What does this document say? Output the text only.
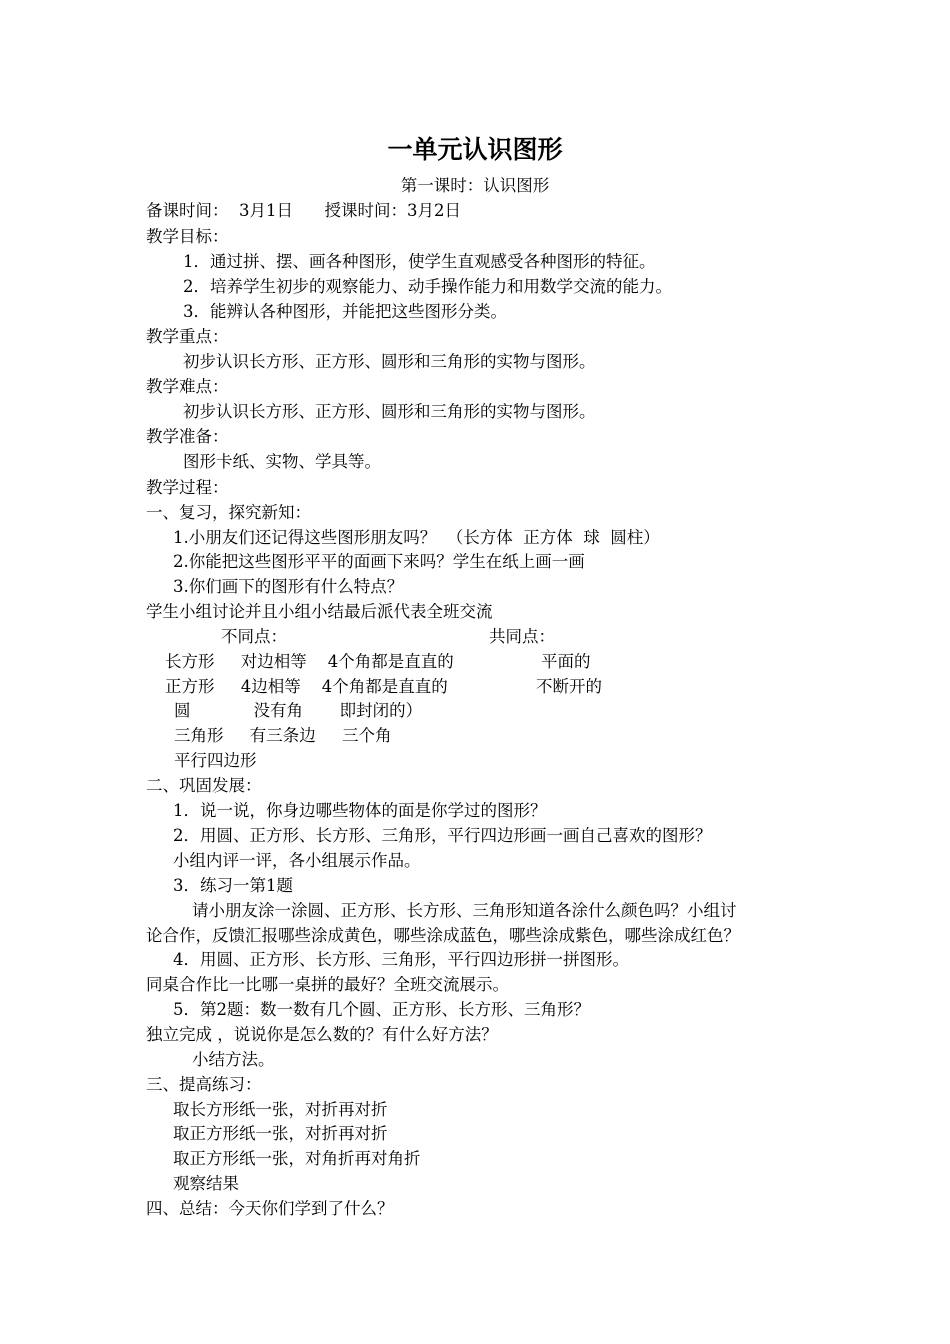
一单元认识图形
第一课时：认识图形

备课时间：  3月1日      授课时间：3月2日

教学目标：

1．通过拼、摆、画各种图形，使学生直观感受各种图形的特征。

2．培养学生初步的观察能力、动手操作能力和用数学交流的能力。

3．能辨认各种图形，并能把这些图形分类。

教学重点：

初步认识长方形、正方形、圆形和三角形的实物与图形。

教学难点：

初步认识长方形、正方形、圆形和三角形的实物与图形。

教学准备：

图形卡纸、实物、学具等。

教学过程：

一、复习，探究新知：

1.小朋友们还记得这些图形朋友吗？  （长方体  正方体  球  圆柱）

2.你能把这些图形平平的面画下来吗？学生在纸上画一画

3.你们画下的图形有什么特点？

学生小组讨论并且小组小结最后派代表全班交流

不同点：	共同点：

长方形     对边相等    4个角都是直直的	平面的

正方形     4边相等    4个角都是直直的	不断开的

圆            没有角       即封闭的）

三角形     有三条边     三个角

平行四边形

二、巩固发展：

1．说一说，你身边哪些物体的面是你学过的图形？

2．用圆、正方形、长方形、三角形，平行四边形画一画自己喜欢的图形？

小组内评一评，各小组展示作品。

3．练习一第1题

请小朋友涂一涂圆、正方形、长方形、三角形知道各涂什么颜色吗？小组讨

论合作，反馈汇报哪些涂成黄色，哪些涂成蓝色，哪些涂成紫色，哪些涂成红色？

4．用圆、正方形、长方形、三角形，平行四边形拼一拼图形。

同桌合作比一比哪一桌拼的最好？全班交流展示。

5．第2题：数一数有几个圆、正方形、长方形、三角形？

独立完成 ，说说你是怎么数的？有什么好方法？

小结方法。

三、提高练习：

取长方形纸一张，对折再对折

取正方形纸一张，对折再对折

取正方形纸一张，对角折再对角折

观察结果

四、总结：今天你们学到了什么？
